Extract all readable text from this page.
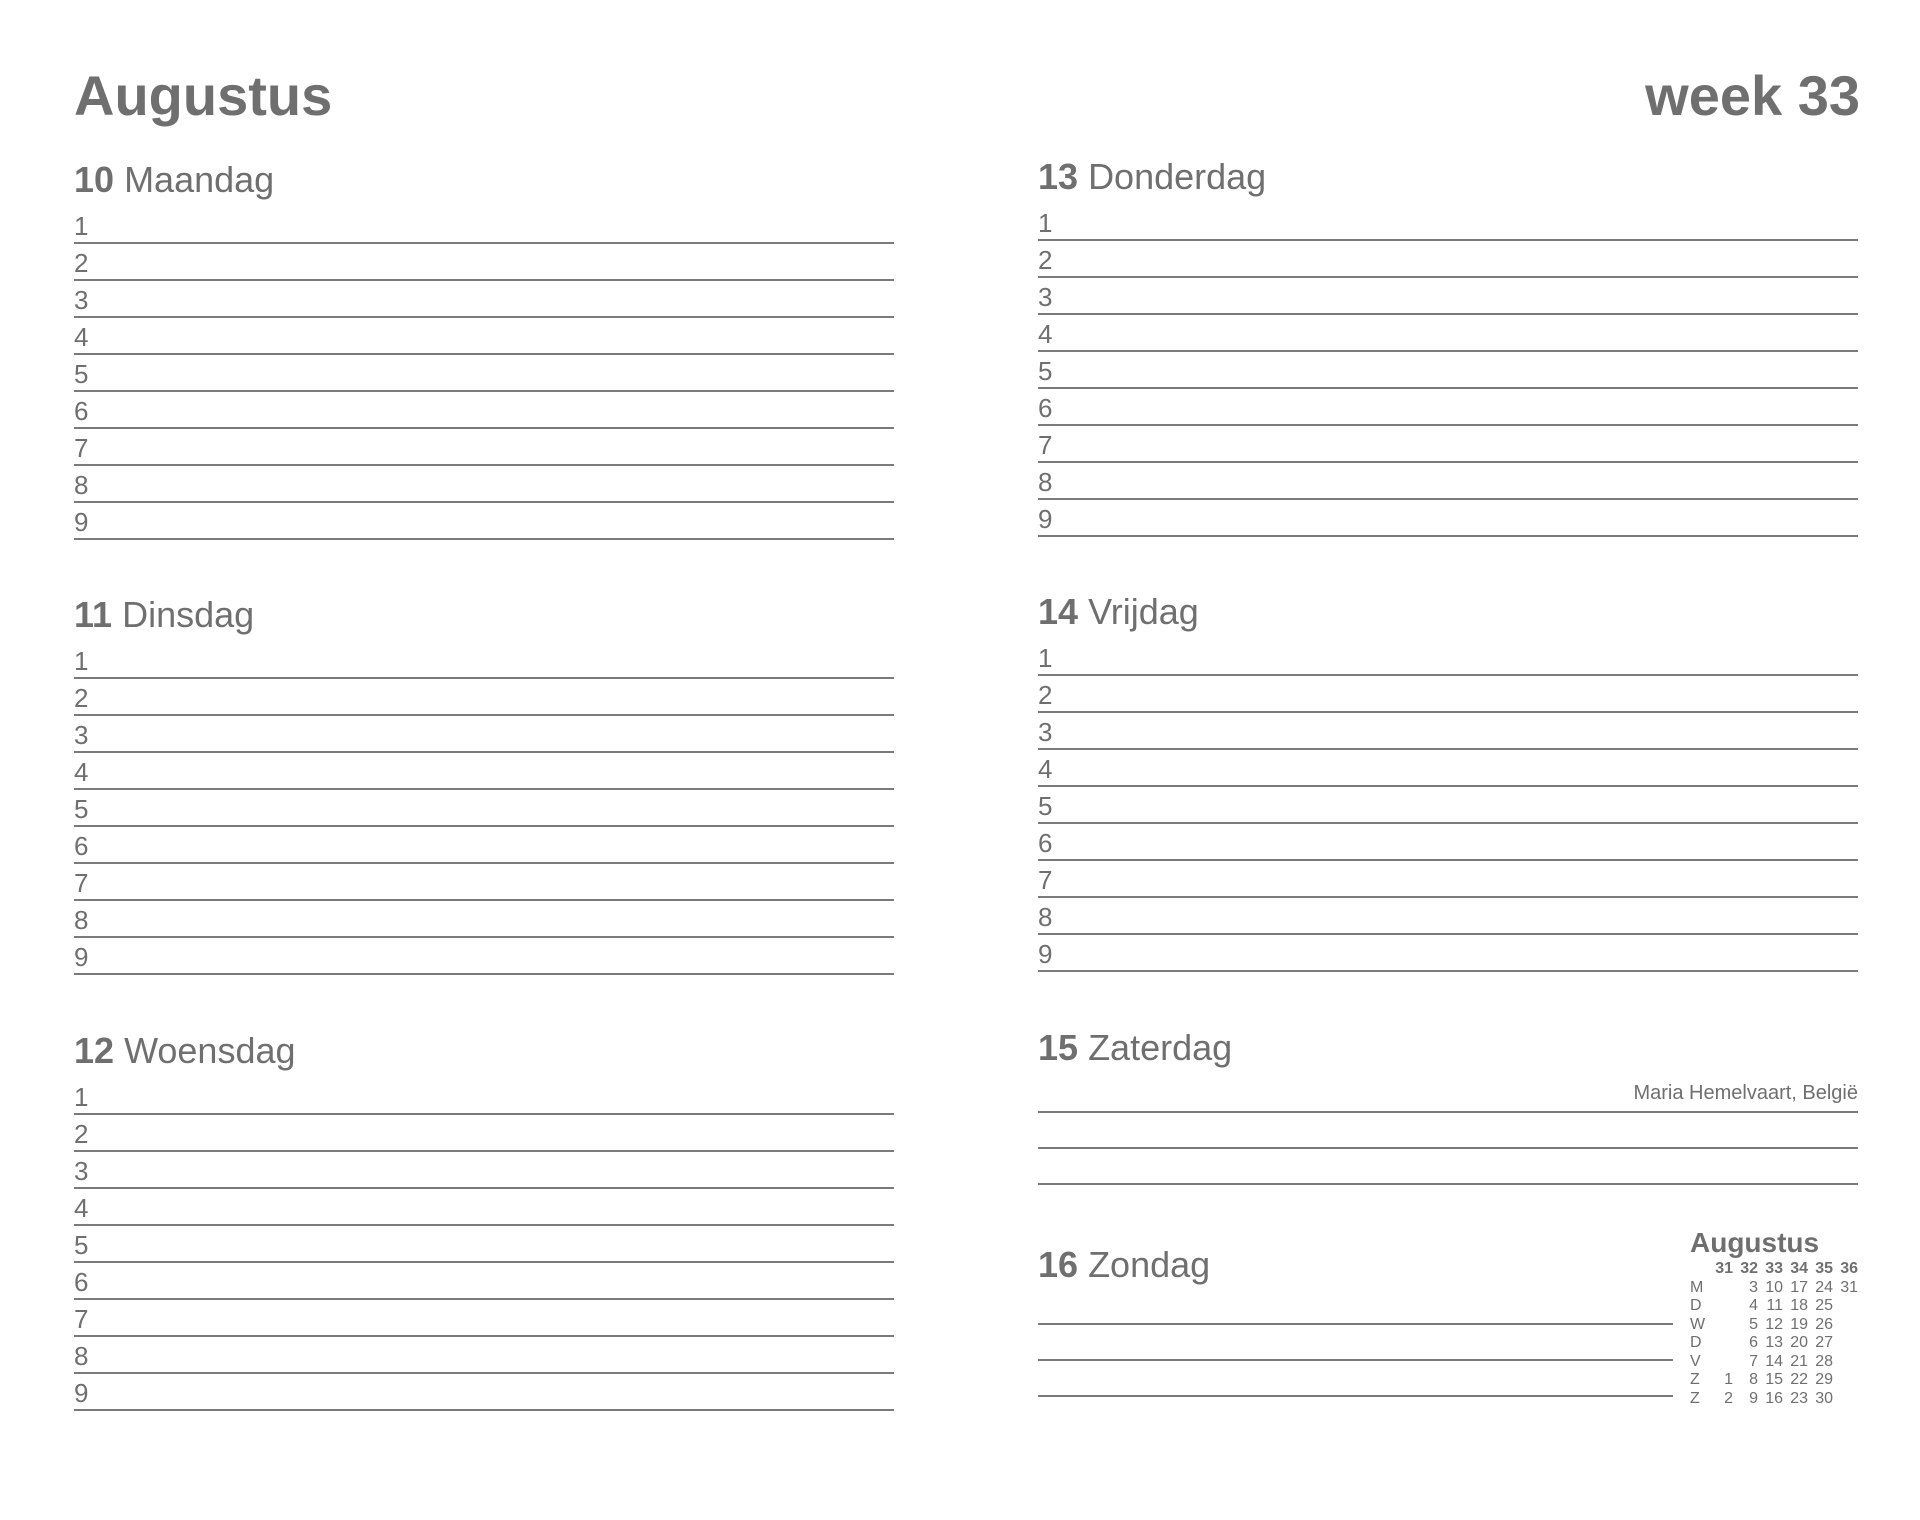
Augustus	week 33
10 Maandag
1
2
3
4
5
6
7
8
9
11 Dinsdag
1
2
3
4
5
6
7
8
9
12 Woensdag
1
2
3
4
5
6
7
8
9
13 Donderdag
1
2
3
4
5
6
7
8
9
14 Vrijdag
1
2
3
4
5
6
7
8
9
15 Zaterdag
Maria Hemelvaart, België
16 Zondag
Augustus
	31	32	33	34	35	36
M		3	10	17	24	31
D		4	11	18	25	
W		5	12	19	26	
D		6	13	20	27	
V		7	14	21	28	
Z	1	8	15	22	29	
Z	2	9	16	23	30	
